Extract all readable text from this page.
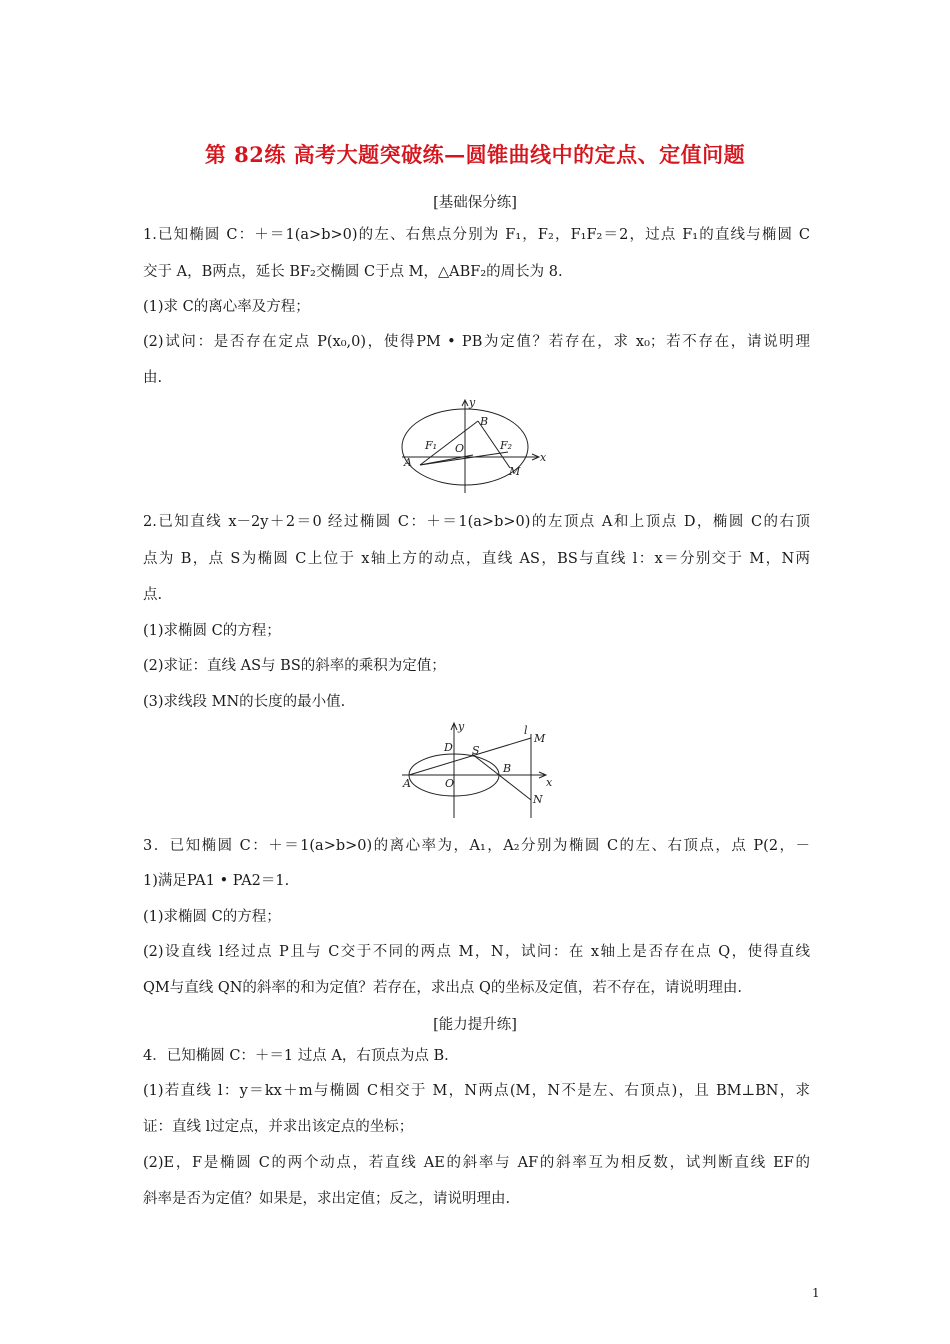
第 82练 高考大题突破练—圆锥曲线中的定点、定值问题
[基础保分练]
1.已知椭圆 C：＋＝1(a>b>0)的左、右焦点分别为 F₁，F₂，F₁F₂＝2，过点 F₁的直线与椭圆 C
交于 A，B两点，延长 BF₂交椭圆 C于点 M，△ABF₂的周长为 8.
(1)求 C的离心率及方程；
(2)试问：是否存在定点 P(x₀,0)，使得PM • PB为定值？若存在，求 x₀；若不存在，请说明理
由.
y
x
B
F₁ O	F₂
A
M
2.已知直线 x－2y＋2＝0 经过椭圆 C：＋＝1(a>b>0)的左顶点 A和上顶点 D，椭圆 C的右顶
点为 B，点 S为椭圆 C上位于 x轴上方的动点，直线 AS，BS与直线 l：x＝分别交于 M，N两
点.
(1)求椭圆 C的方程；
(2)求证：直线 AS与 BS的斜率的乘积为定值；
(3)求线段 MN的长度的最小值.
y	l
M
D S
B
x
A	O
N
3．已知椭圆 C：＋＝1(a>b>0)的离心率为，A₁，A₂分别为椭圆 C的左、右顶点，点 P(2，－
1)满足PA1 • PA2＝1.
(1)求椭圆 C的方程；
(2)设直线 l经过点 P且与 C交于不同的两点 M，N，试问：在 x轴上是否存在点 Q，使得直线
QM与直线 QN的斜率的和为定值？若存在，求出点 Q的坐标及定值，若不存在，请说明理由.
[能力提升练]
4．已知椭圆 C：＋＝1 过点 A，右顶点为点 B.
(1)若直线 l：y＝kx＋m与椭圆 C相交于 M，N两点(M，N不是左、右顶点)，且 BM⊥BN，求
证：直线 l过定点，并求出该定点的坐标；
(2)E，F是椭圆 C的两个动点，若直线 AE的斜率与 AF的斜率互为相反数，试判断直线 EF的
斜率是否为定值？如果是，求出定值；反之，请说明理由.
1
